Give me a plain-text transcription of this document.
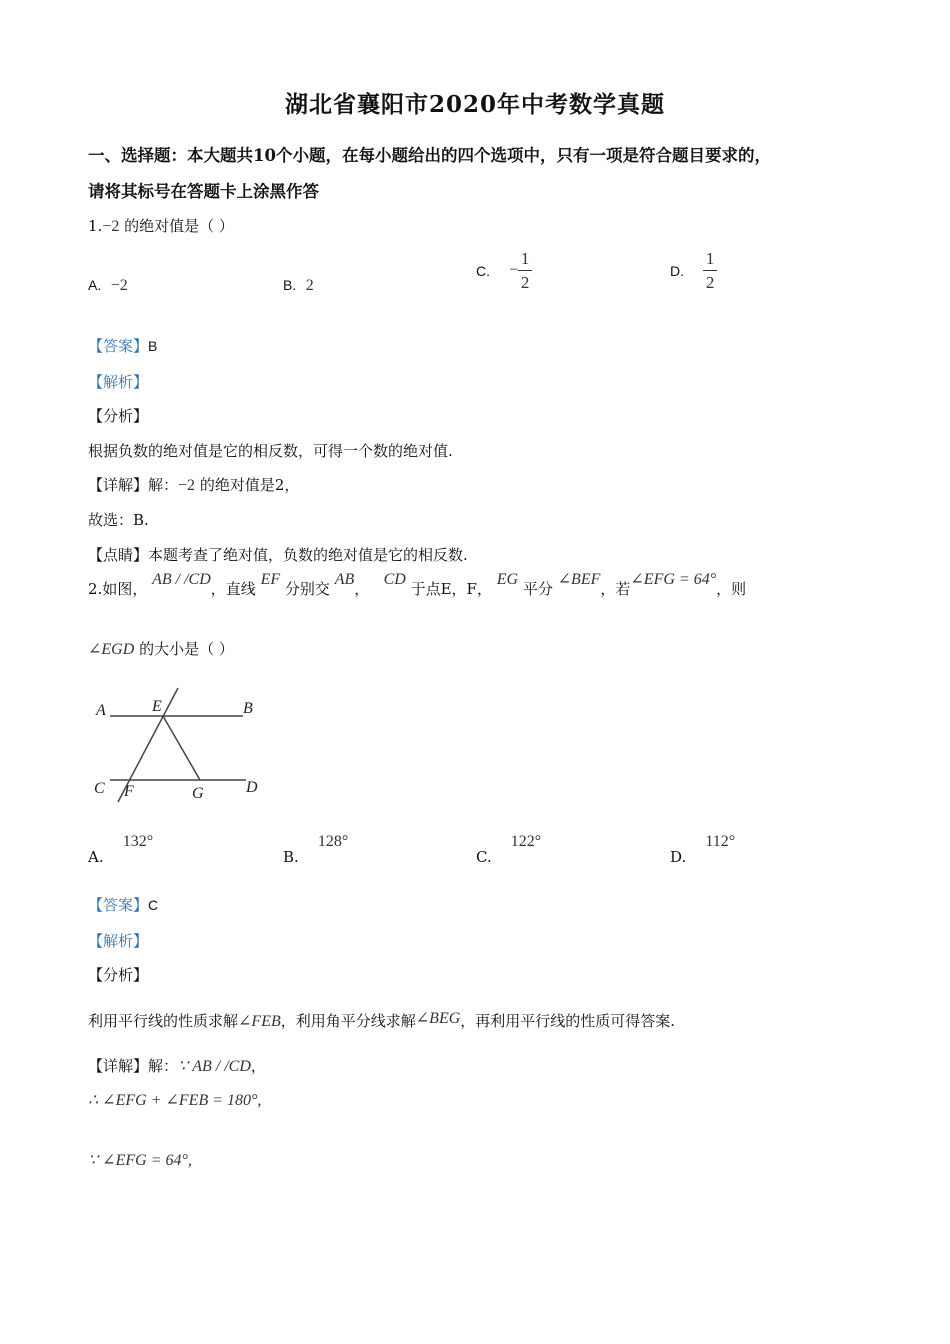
湖北省襄阳市2020年中考数学真题
一、选择题：本大题共10个小题，在每小题给出的四个选项中，只有一项是符合题目要求的，
请将其标号在答题卡上涂黑作答
1.−2 的绝对值是（ ）
A. −2	B. 2
C. − $\frac{1}{2}$	D. $\frac{1}{2}$
【答案】B
【解析】
【分析】
根据负数的绝对值是它的相反数，可得一个数的绝对值.
【详解】解：−2 的绝对值是2，
故选：B.
【点睛】本题考查了绝对值，负数的绝对值是它的相反数.
2.如图， AB / /CD，直线 EF 分别交 AB，   CD 于点E，F， EG 平分 ∠BEF，若∠EFG = 64°，则
∠EGD 的大小是（ ）
A	E	B
C F	G	D
A.    132°
B.    128°
C.    122°
D.    112°
【答案】C
【解析】
【分析】
利用平行线的性质求解∠FEB，利用角平分线求解∠BEG，再利用平行线的性质可得答案.
【详解】解：∵ AB / /CD，
∴ ∠EFG + ∠FEB = 180°,
∵ ∠EFG = 64°,
